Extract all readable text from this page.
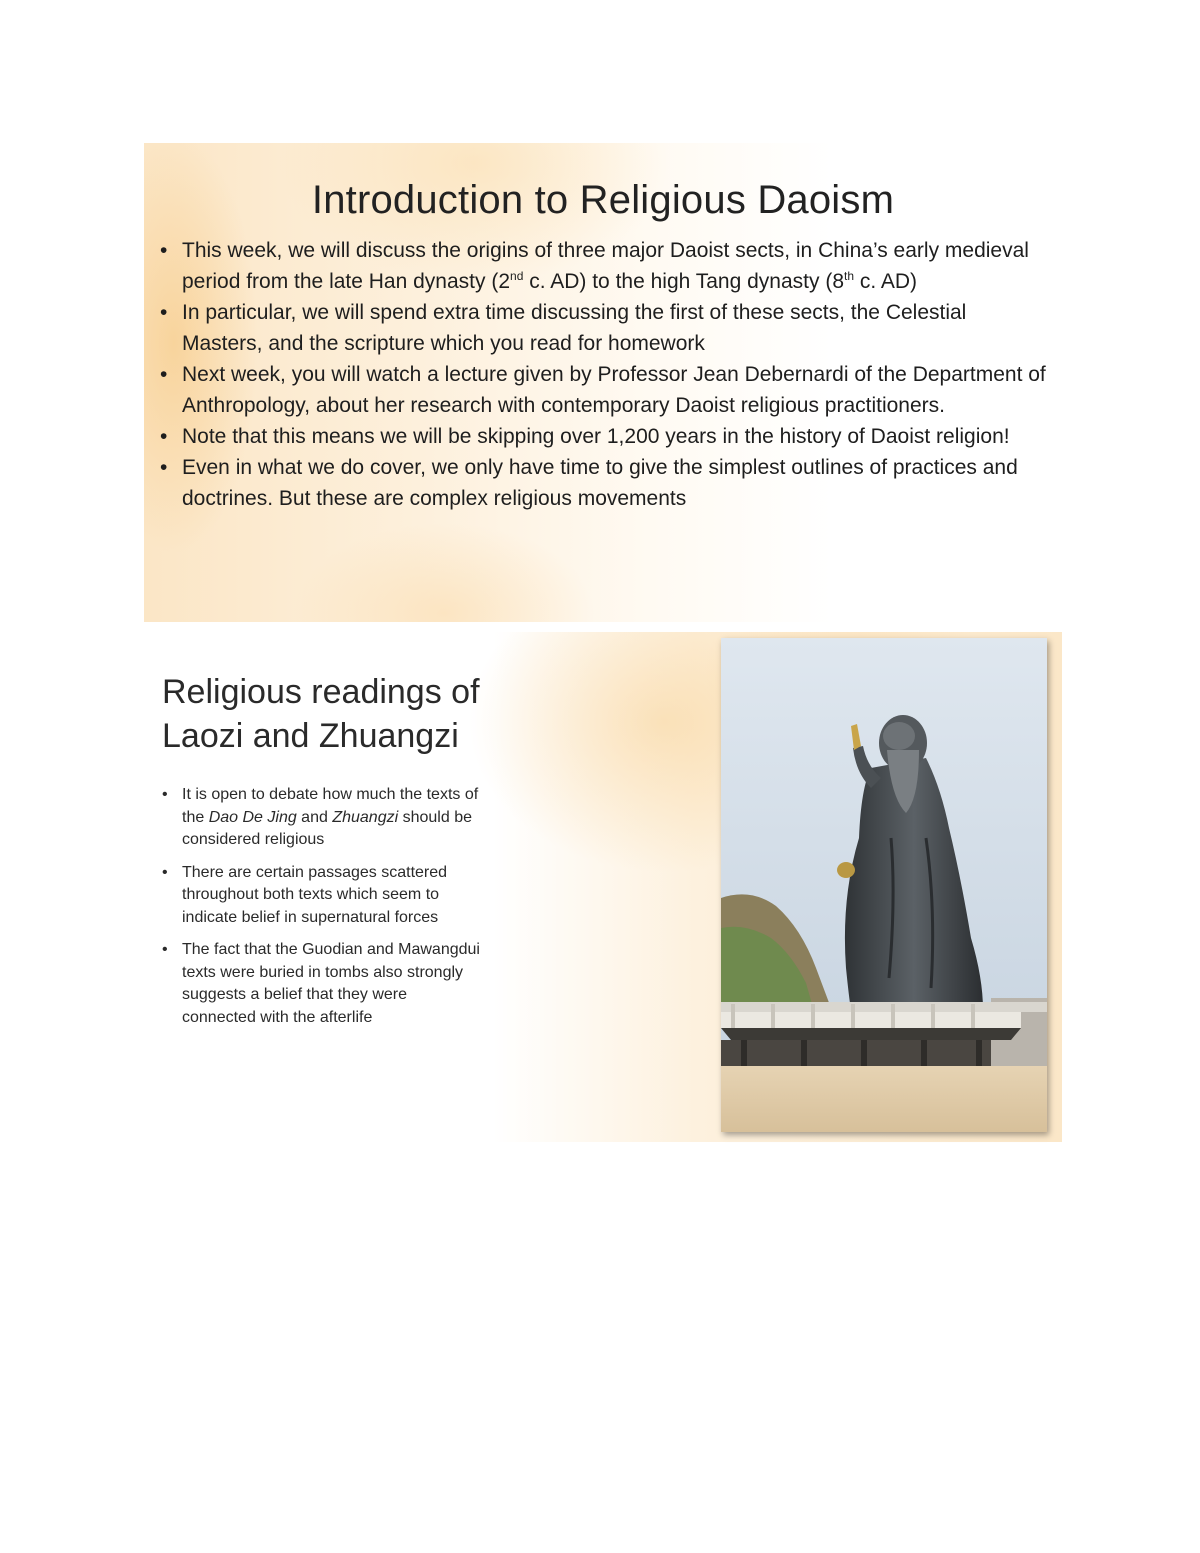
Introduction to Religious Daoism
• This week, we will discuss the origins of three major Daoist sects, in China’s early medieval period from the late Han dynasty (2nd c. AD) to the high Tang dynasty (8th c. AD)
• In particular, we will spend extra time discussing the first of these sects, the Celestial Masters, and the scripture which you read for homework
• Next week, you will watch a lecture given by Professor Jean Debernardi of the Department of Anthropology, about her research with contemporary Daoist religious practitioners.
• Note that this means we will be skipping over 1,200 years in the history of Daoist religion!
• Even in what we do cover, we only have time to give the simplest outlines of practices and doctrines. But these are complex religious movements
Religious readings of Laozi and Zhuangzi
• It is open to debate how much the texts of the Dao De Jing and Zhuangzi should be considered religious
• There are certain passages scattered throughout both texts which seem to indicate belief in supernatural forces
• The fact that the Guodian and Mawangdui texts were buried in tombs also strongly suggests a belief that they were connected with the afterlife
